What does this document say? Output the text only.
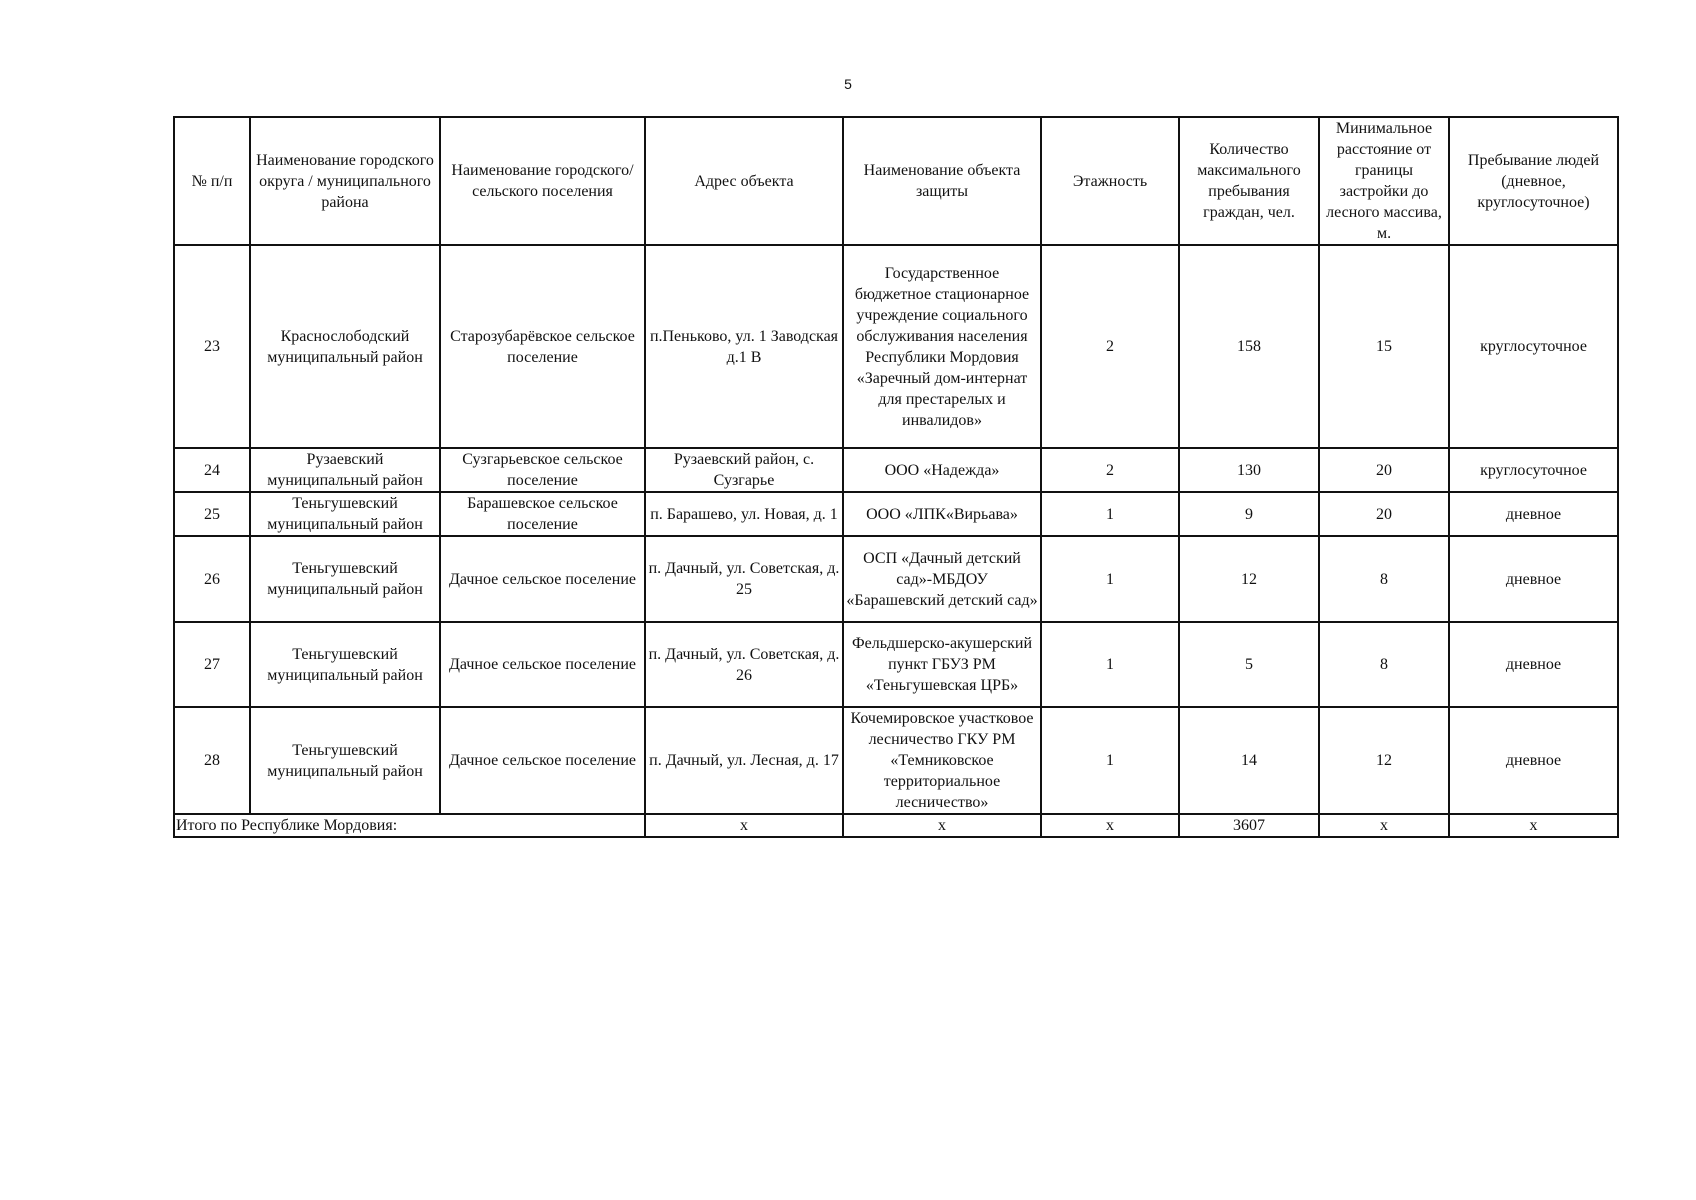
5
№ п/п	Наименование городского округа / муниципального района	Наименование городского/ сельского поселения	Адрес объекта	Наименование объекта защиты	Этажность	Количество максимального пребывания граждан, чел.	Минимальное расстояние от границы застройки до лесного массива, м.	Пребывание людей (дневное, круглосуточное)
23	Краснослободский муниципальный район	Старозубарёвское сельское поселение	п.Пеньково, ул. 1 Заводская д.1 В	Государственное бюджетное стационарное учреждение социального обслуживания населения Республики Мордовия «Заречный дом-интернат для престарелых и инвалидов»	2	158	15	круглосуточное
24	Рузаевский муниципальный район	Сузгарьевское сельское поселение	Рузаевский район, с. Сузгарье	ООО «Надежда»	2	130	20	круглосуточное
25	Теньгушевский муниципальный район	Барашевское сельское поселение	п. Барашево, ул. Новая, д. 1	ООО «ЛПК«Вирьава»	1	9	20	дневное
26	Теньгушевский муниципальный район	Дачное сельское поселение	п. Дачный, ул. Советская, д. 25	ОСП «Дачный детский сад»-МБДОУ «Барашевский детский сад»	1	12	8	дневное
27	Теньгушевский муниципальный район	Дачное сельское поселение	п. Дачный, ул. Советская, д. 26	Фельдшерско-акушерский пункт ГБУЗ РМ «Теньгушевская ЦРБ»	1	5	8	дневное
28	Теньгушевский муниципальный район	Дачное сельское поселение	п. Дачный, ул. Лесная, д. 17	Кочемировское участковое лесничество ГКУ РМ «Темниковское территориальное лесничество»	1	14	12	дневное
Итого по Республике Мордовия:			х	х	х	3607	х	х
